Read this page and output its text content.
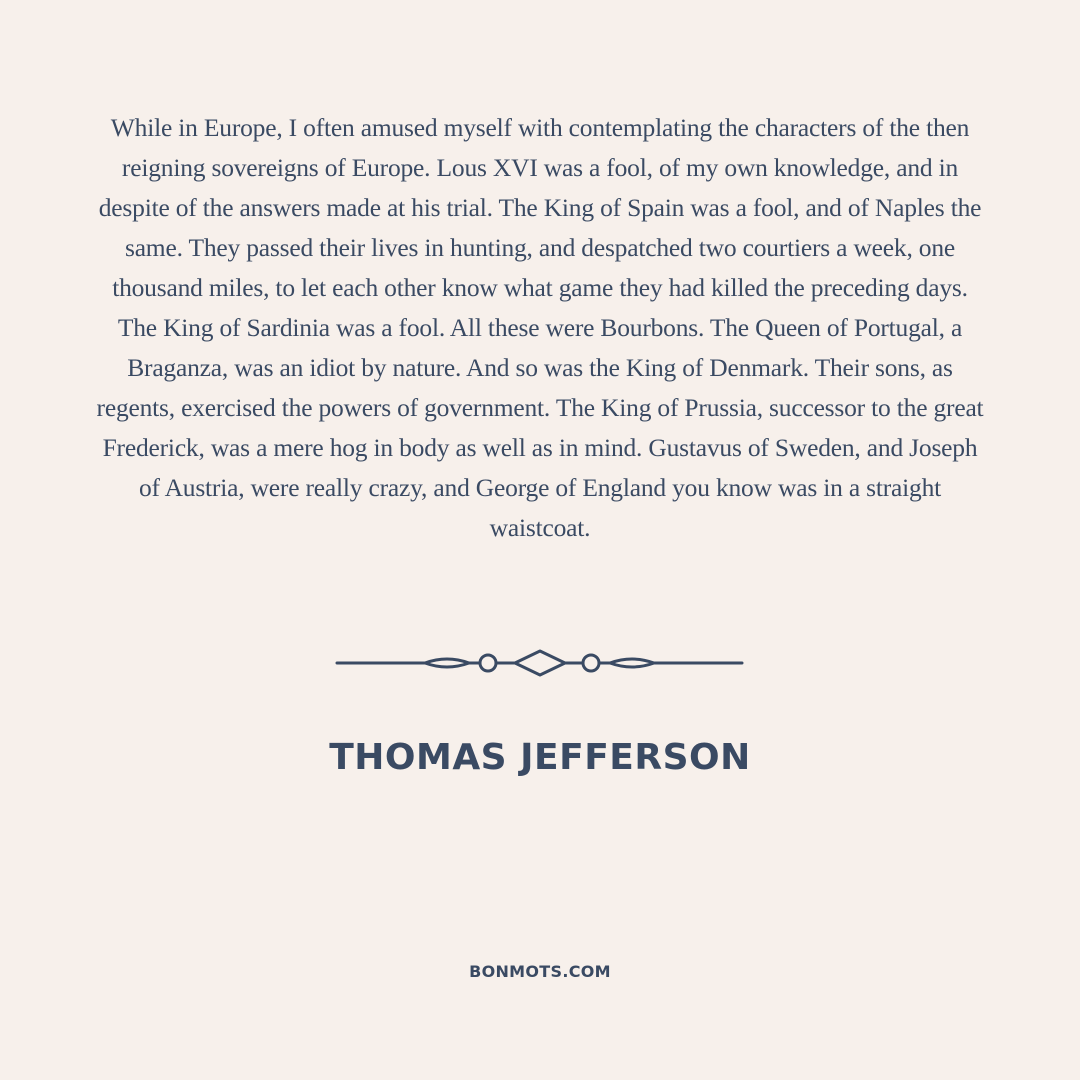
While in Europe, I often amused myself with contemplating the characters of the then reigning sovereigns of Europe. Lous XVI was a fool, of my own knowledge, and in despite of the answers made at his trial. The King of Spain was a fool, and of Naples the same. They passed their lives in hunting, and despatched two courtiers a week, one thousand miles, to let each other know what game they had killed the preceding days. The King of Sardinia was a fool. All these were Bourbons. The Queen of Portugal, a Braganza, was an idiot by nature. And so was the King of Denmark. Their sons, as regents, exercised the powers of government. The King of Prussia, successor to the great Frederick, was a mere hog in body as well as in mind. Gustavus of Sweden, and Joseph of Austria, were really crazy, and George of England you know was in a straight waistcoat.

THOMAS JEFFERSON
BONMOTS.COM
